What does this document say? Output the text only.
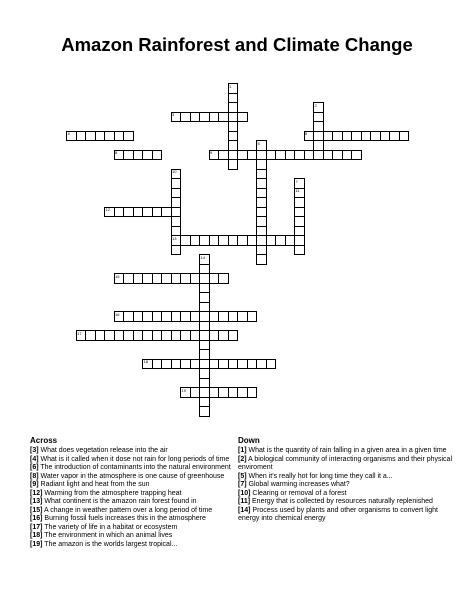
Amazon Rainforest and Climate Change
1
2
3
4
5
6
7
8	9
10
11
12
13
14
15
16
17
18
19
Across
[3] What does vegetation release into the air
[4] What is it called when it dose not rain for long periods of time
[6] The introduction of contaminants into the natural environment
[8] Water vapor in the atmosphere is one cause of greenhouse
[9] Radiant light and heat from the sun
[12] Warming from the atmosphere trapping heat
[13] What continent is the amazon rain forest found in
[15] A change in weather pattern over a long period of time
[16] Burning fossil fuels increases this in the atmosphere
[17] The variety of life in a habitat or ecosystem
[18] The environment in which an animal lives
[19] The amazon is the worlds largest tropical...
Down
[1] What is the quantity of rain falling in a given area in a given time
[2] A biological community of interacting organisms and their physical enviroment
[5] When it's really hot for long time they call it a...
[7] Global warming increases what?
[10] Clearing or removal of a forest
[11] Energy that is collected by resources naturally replenished
[14] Process used by plants and other organisms to convert light energy into chemical energy
